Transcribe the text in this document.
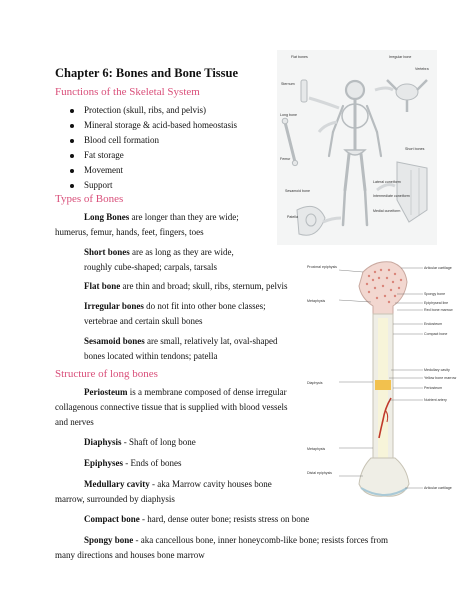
Chapter 6: Bones and Bone Tissue
Functions of the Skeletal System
Protection (skull, ribs, and pelvis)
Mineral storage & acid-based homeostasis
Blood cell formation
Fat storage
Movement
Support
Types of Bones
Long Bones are longer than they are wide;
humerus, femur, hands, feet, fingers, toes
Short bones are as long as they are wide,
roughly cube-shaped; carpals, tarsals
Flat bone are thin and broad; skull, ribs, sternum, pelvis
Irregular bones do not fit into other bone classes;
vertebrae and certain skull bones
Sesamoid bones are small, relatively lat, oval-shaped
bones located within tendons; patella
Structure of long bones
Periosteum is a membrane composed of dense irregular
collagenous connective tissue that is supplied with blood vessels
and nerves
Diaphysis - Shaft of long bone
Epiphyses - Ends of bones
Medullary cavity - aka Marrow cavity houses bone
marrow, surrounded by diaphysis
Compact bone - hard, dense outer bone; resists stress on bone
Spongy bone - aka cancellous bone, inner honeycomb-like bone; resists forces from
many directions and houses bone marrow
Flat bones
Sternum
Long bone
Femur
Sesamoid bone
Patella
Irregular bone
Vertebra
Short bones
Lateral cuneiform
Intermediate cuneiform
Medial cuneiform
Proximal epiphysis
Metaphysis
Diaphysis
Metaphysis
Distal epiphysis
Articular cartilage
Spongy bone
Epiphyseal line
Red bone marrow
Endosteum
Compact bone
Medullary cavity
Yellow bone marrow
Periosteum
Nutrient artery
Articular cartilage
